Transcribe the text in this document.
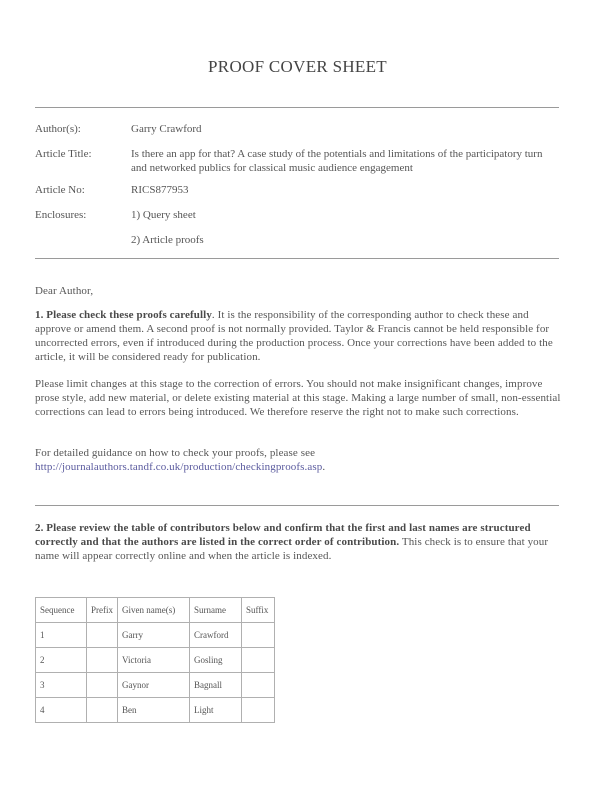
PROOF COVER SHEET
Author(s):	Garry Crawford
Article Title:	Is there an app for that? A case study of the potentials and limitations of the participatory turn and networked publics for classical music audience engagement
Article No:	RICS877953
Enclosures:	1) Query sheet
2) Article proofs
Dear Author,
1. Please check these proofs carefully. It is the responsibility of the corresponding author to check these and approve or amend them. A second proof is not normally provided. Taylor & Francis cannot be held responsible for uncorrected errors, even if introduced during the production process. Once your corrections have been added to the article, it will be considered ready for publication.
Please limit changes at this stage to the correction of errors. You should not make insignificant changes, improve prose style, add new material, or delete existing material at this stage. Making a large number of small, non-essential corrections can lead to errors being introduced. We therefore reserve the right not to make such corrections.
For detailed guidance on how to check your proofs, please see
http://journalauthors.tandf.co.uk/production/checkingproofs.asp.
2. Please review the table of contributors below and confirm that the first and last names are structured correctly and that the authors are listed in the correct order of contribution. This check is to ensure that your name will appear correctly online and when the article is indexed.
Sequence	Prefix	Given name(s)	Surname	Suffix
1		Garry	Crawford	
2		Victoria	Gosling	
3		Gaynor	Bagnall	
4		Ben	Light	
